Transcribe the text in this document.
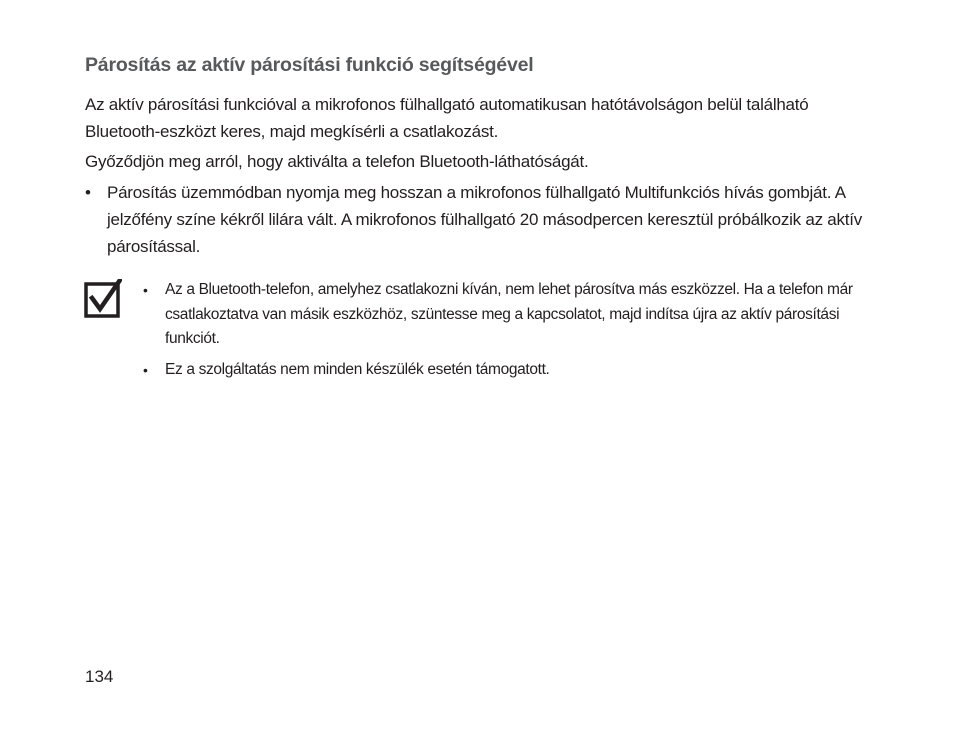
Párosítás az aktív párosítási funkció segítségével

Az aktív párosítási funkcióval a mikrofonos fülhallgató automatikusan hatótávolságon belül található Bluetooth-eszközt keres, majd megkísérli a csatlakozást.

Győződjön meg arról, hogy aktiválta a telefon Bluetooth-láthatóságát.

• Párosítás üzemmódban nyomja meg hosszan a mikrofonos fülhallgató Multifunkciós hívás gombját. A jelzőfény színe kékről lilára vált. A mikrofonos fülhallgató 20 másodpercen keresztül próbálkozik az aktív párosítással.
•	Az a Bluetooth-telefon, amelyhez csatlakozni kíván, nem lehet párosítva más eszközzel. Ha a telefon már csatlakoztatva van másik eszközhöz, szüntesse meg a kapcsolatot, majd indítsa újra az aktív párosítási funkciót.
•	Ez a szolgáltatás nem minden készülék esetén támogatott.
134
